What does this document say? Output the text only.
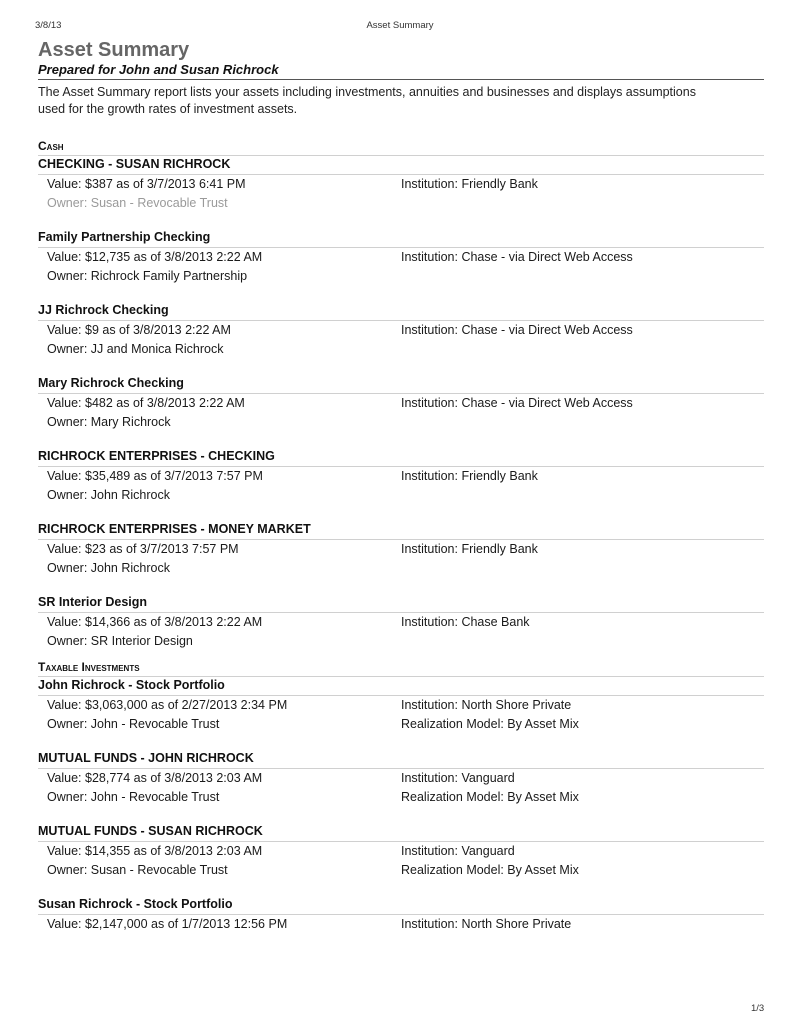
3/8/13	Asset Summary
Asset Summary
Prepared for John and Susan Richrock
The Asset Summary report lists your assets including investments, annuities and businesses and displays assumptions used for the growth rates of investment assets.
Cash
CHECKING - SUSAN RICHROCK
Value: $387 as of 3/7/2013 6:41 PM	Institution: Friendly Bank
Owner: Susan - Revocable Trust
Family Partnership Checking
Value: $12,735 as of 3/8/2013 2:22 AM	Institution: Chase - via Direct Web Access
Owner: Richrock Family Partnership
JJ Richrock Checking
Value: $9 as of 3/8/2013 2:22 AM	Institution: Chase - via Direct Web Access
Owner: JJ and Monica Richrock
Mary Richrock Checking
Value: $482 as of 3/8/2013 2:22 AM	Institution: Chase - via Direct Web Access
Owner: Mary Richrock
RICHROCK ENTERPRISES - CHECKING
Value: $35,489 as of 3/7/2013 7:57 PM	Institution: Friendly Bank
Owner: John Richrock
RICHROCK ENTERPRISES - MONEY MARKET
Value: $23 as of 3/7/2013 7:57 PM	Institution: Friendly Bank
Owner: John Richrock
SR Interior Design
Value: $14,366 as of 3/8/2013 2:22 AM	Institution: Chase Bank
Owner: SR Interior Design
Taxable Investments
John Richrock - Stock Portfolio
Value: $3,063,000 as of 2/27/2013 2:34 PM	Institution: North Shore Private
Owner: John - Revocable Trust	Realization Model: By Asset Mix
MUTUAL FUNDS - JOHN RICHROCK
Value: $28,774 as of 3/8/2013 2:03 AM	Institution: Vanguard
Owner: John - Revocable Trust	Realization Model: By Asset Mix
MUTUAL FUNDS - SUSAN RICHROCK
Value: $14,355 as of 3/8/2013 2:03 AM	Institution: Vanguard
Owner: Susan - Revocable Trust	Realization Model: By Asset Mix
Susan Richrock - Stock Portfolio
Value: $2,147,000 as of 1/7/2013 12:56 PM	Institution: North Shore Private
1/3
